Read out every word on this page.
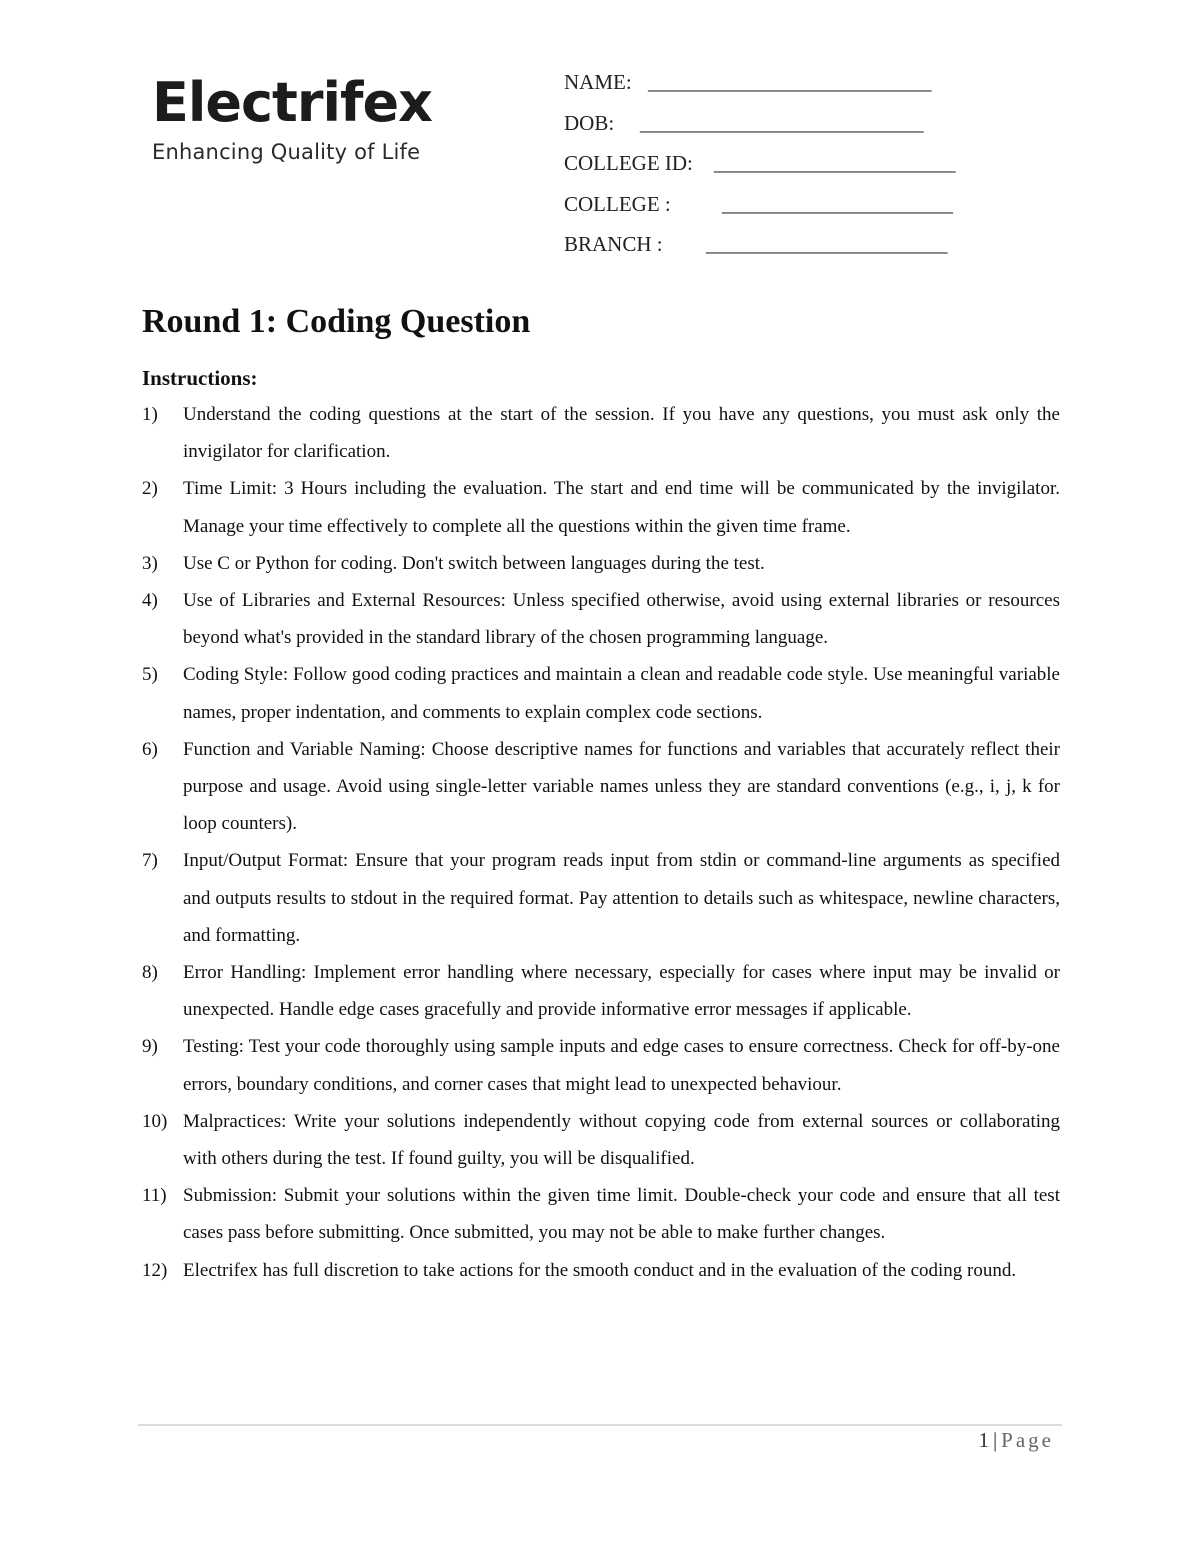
Electrifex
Enhancing Quality of Life
NAME: ___________________________
DOB: ___________________________
COLLEGE ID: _______________________
COLLEGE : ______________________
BRANCH : _______________________
Round 1: Coding Question
Instructions:
1) Understand the coding questions at the start of the session. If you have any questions, you must ask only the invigilator for clarification.
2) Time Limit: 3 Hours including the evaluation. The start and end time will be communicated by the invigilator. Manage your time effectively to complete all the questions within the given time frame.
3) Use C or Python for coding. Don't switch between languages during the test.
4) Use of Libraries and External Resources: Unless specified otherwise, avoid using external libraries or resources beyond what's provided in the standard library of the chosen programming language.
5) Coding Style: Follow good coding practices and maintain a clean and readable code style. Use meaningful variable names, proper indentation, and comments to explain complex code sections.
6) Function and Variable Naming: Choose descriptive names for functions and variables that accurately reflect their purpose and usage. Avoid using single-letter variable names unless they are standard conventions (e.g., i, j, k for loop counters).
7) Input/Output Format: Ensure that your program reads input from stdin or command-line arguments as specified and outputs results to stdout in the required format. Pay attention to details such as whitespace, newline characters, and formatting.
8) Error Handling: Implement error handling where necessary, especially for cases where input may be invalid or unexpected. Handle edge cases gracefully and provide informative error messages if applicable.
9) Testing: Test your code thoroughly using sample inputs and edge cases to ensure correctness. Check for off-by-one errors, boundary conditions, and corner cases that might lead to unexpected behaviour.
10) Malpractices: Write your solutions independently without copying code from external sources or collaborating with others during the test. If found guilty, you will be disqualified.
11) Submission: Submit your solutions within the given time limit. Double-check your code and ensure that all test cases pass before submitting. Once submitted, you may not be able to make further changes.
12) Electrifex has full discretion to take actions for the smooth conduct and in the evaluation of the coding round.
1 | Page
